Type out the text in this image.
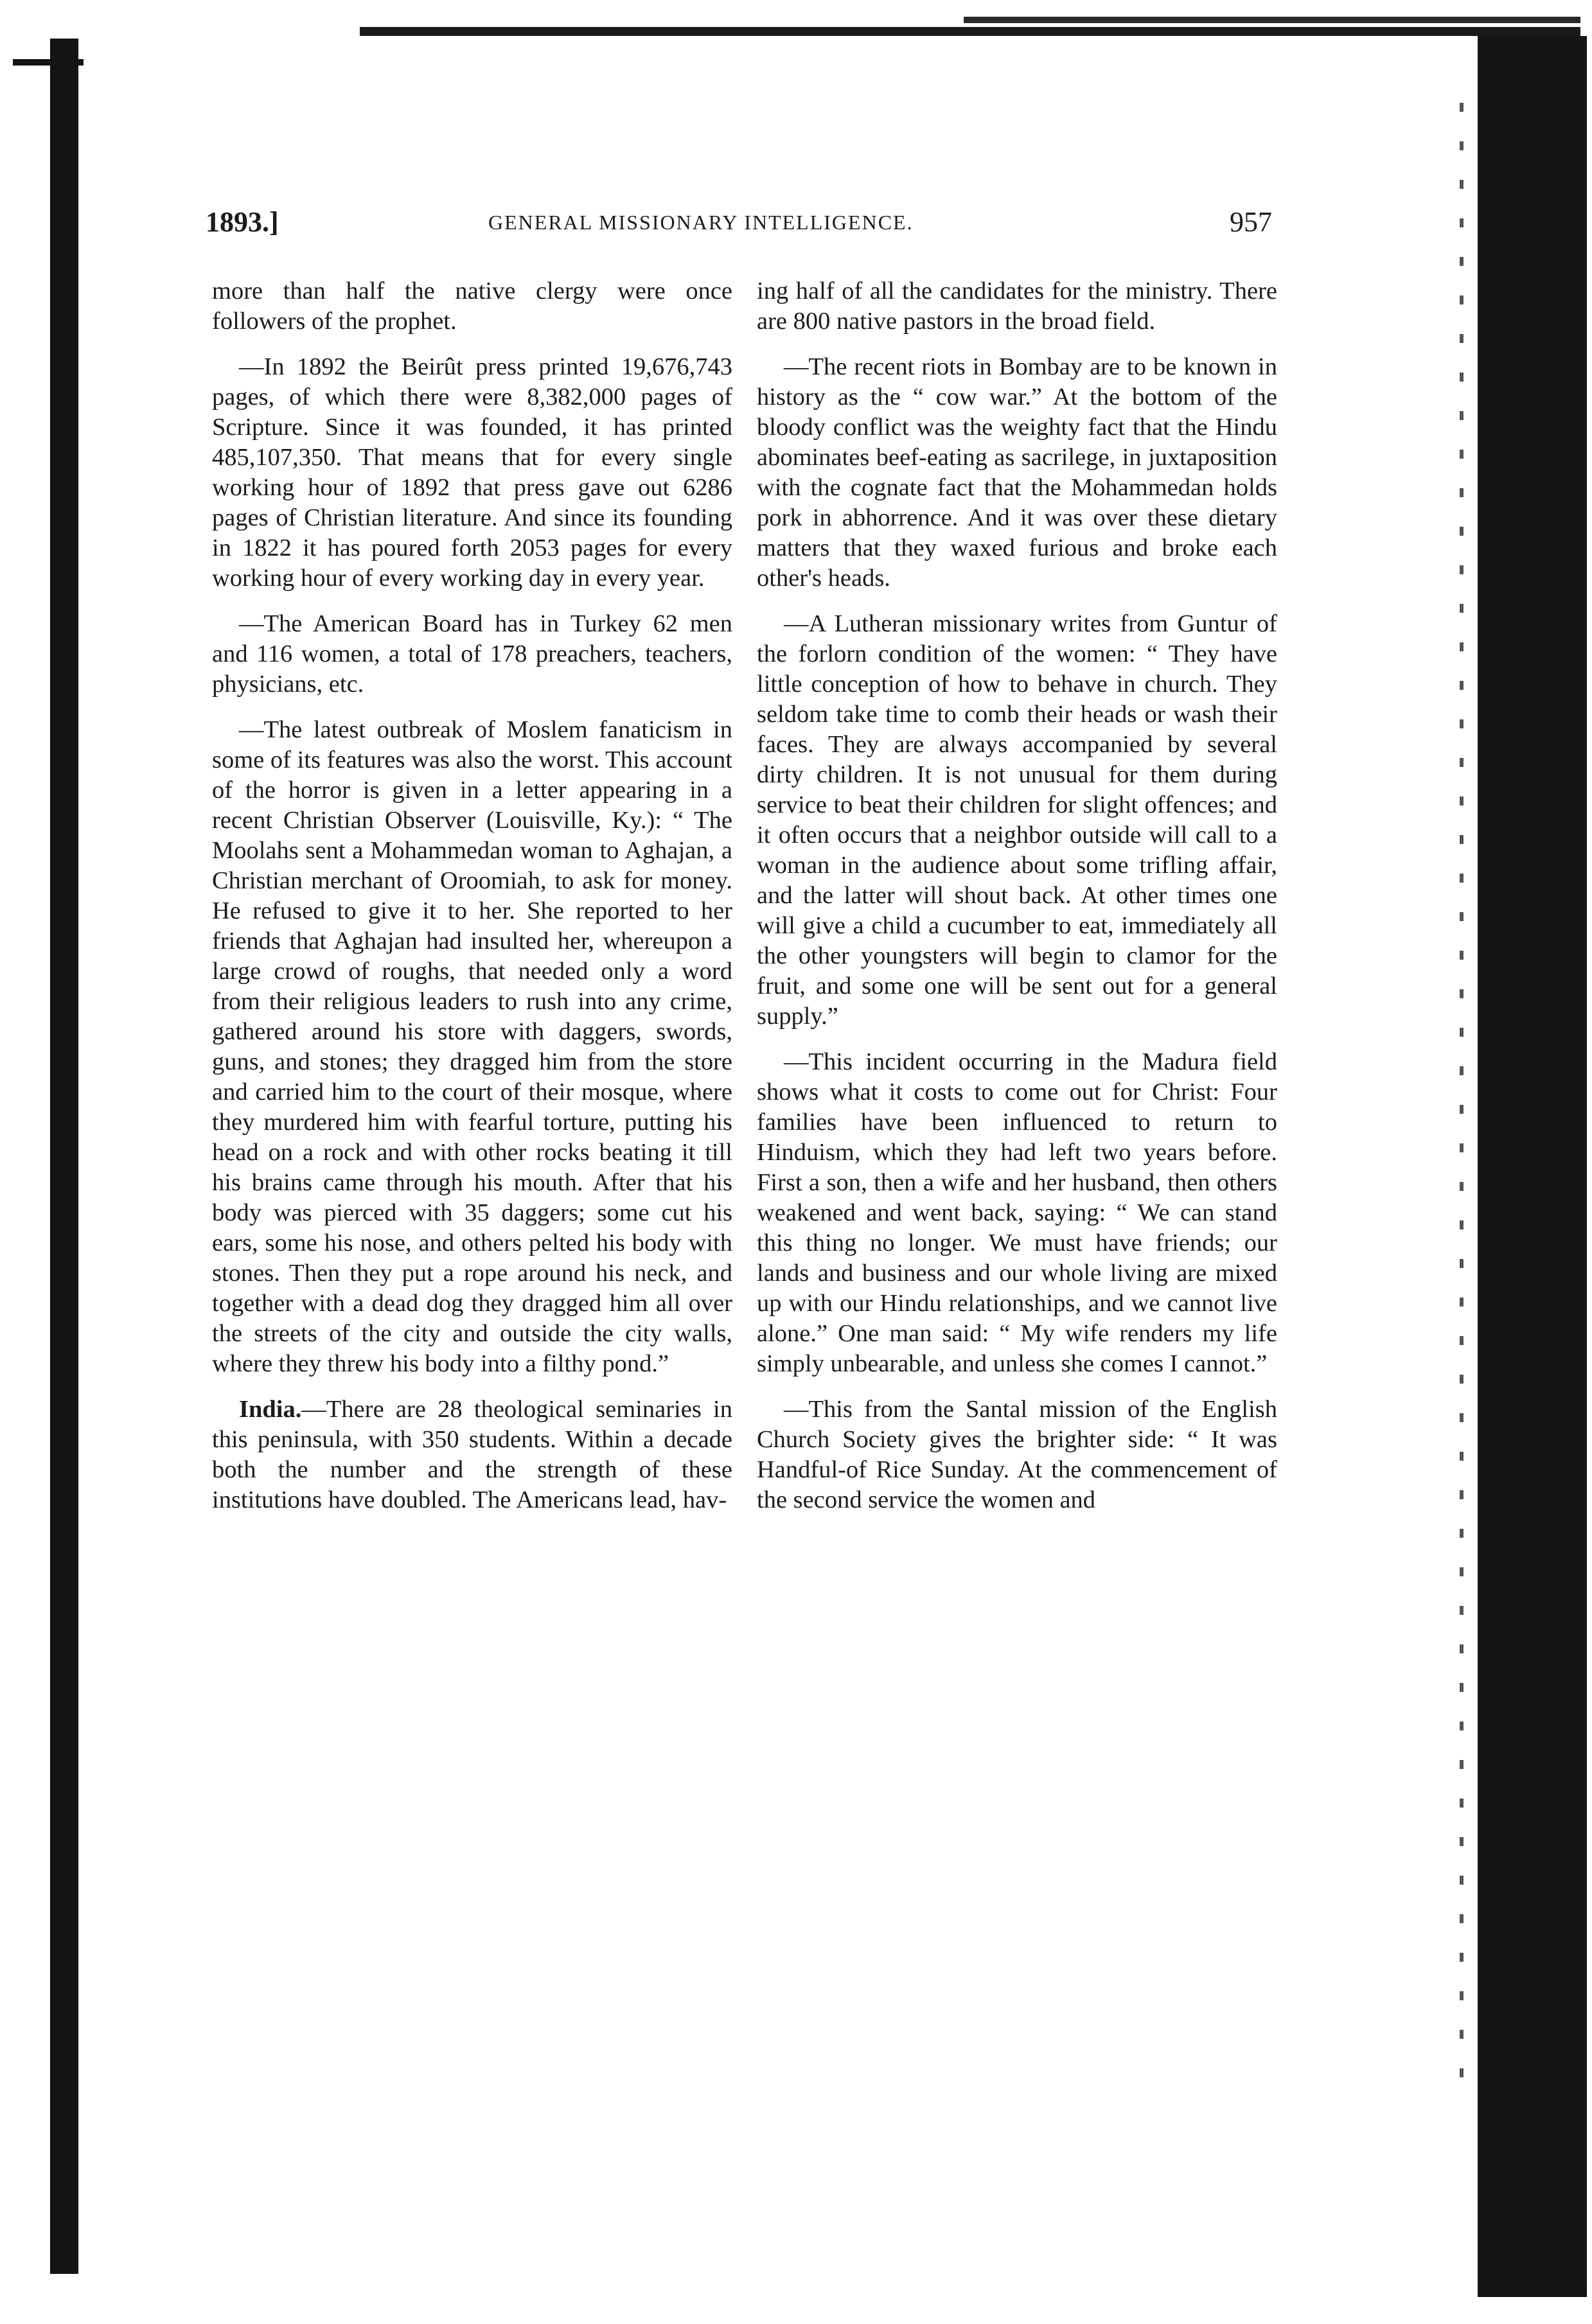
1893.]	GENERAL MISSIONARY INTELLIGENCE.	957

more than half the native clergy were once followers of the prophet.

—In 1892 the Beirût press printed 19,676,743 pages, of which there were 8,382,000 pages of Scripture. Since it was founded, it has printed 485,107,350. That means that for every single working hour of 1892 that press gave out 6286 pages of Christian literature. And since its founding in 1822 it has poured forth 2053 pages for every working hour of every working day in every year.

—The American Board has in Turkey 62 men and 116 women, a total of 178 preachers, teachers, physicians, etc.

—The latest outbreak of Moslem fanaticism in some of its features was also the worst. This account of the horror is given in a letter appearing in a recent Christian Observer (Louisville, Ky.): “ The Moolahs sent a Mohammedan woman to Aghajan, a Christian merchant of Oroomiah, to ask for money. He refused to give it to her. She reported to her friends that Aghajan had insulted her, whereupon a large crowd of roughs, that needed only a word from their religious leaders to rush into any crime, gathered around his store with daggers, swords, guns, and stones; they dragged him from the store and carried him to the court of their mosque, where they murdered him with fearful torture, putting his head on a rock and with other rocks beating it till his brains came through his mouth. After that his body was pierced with 35 daggers; some cut his ears, some his nose, and others pelted his body with stones. Then they put a rope around his neck, and together with a dead dog they dragged him all over the streets of the city and outside the city walls, where they threw his body into a filthy pond.”

India.—There are 28 theological seminaries in this peninsula, with 350 students. Within a decade both the number and the strength of these institutions have doubled. The Americans lead, hav-

ing half of all the candidates for the ministry. There are 800 native pastors in the broad field.

—The recent riots in Bombay are to be known in history as the “ cow war.” At the bottom of the bloody conflict was the weighty fact that the Hindu abominates beef-eating as sacrilege, in juxtaposition with the cognate fact that the Mohammedan holds pork in abhorrence. And it was over these dietary matters that they waxed furious and broke each other's heads.

—A Lutheran missionary writes from Guntur of the forlorn condition of the women: “ They have little conception of how to behave in church. They seldom take time to comb their heads or wash their faces. They are always accompanied by several dirty children. It is not unusual for them during service to beat their children for slight offences; and it often occurs that a neighbor outside will call to a woman in the audience about some trifling affair, and the latter will shout back. At other times one will give a child a cucumber to eat, immediately all the other youngsters will begin to clamor for the fruit, and some one will be sent out for a general supply.”

—This incident occurring in the Madura field shows what it costs to come out for Christ: Four families have been influenced to return to Hinduism, which they had left two years before. First a son, then a wife and her husband, then others weakened and went back, saying: “ We can stand this thing no longer. We must have friends; our lands and business and our whole living are mixed up with our Hindu relationships, and we cannot live alone.” One man said: “ My wife renders my life simply unbearable, and unless she comes I cannot.”

—This from the Santal mission of the English Church Society gives the brighter side: “ It was Handful-of Rice Sunday. At the commencement of the second service the women and
